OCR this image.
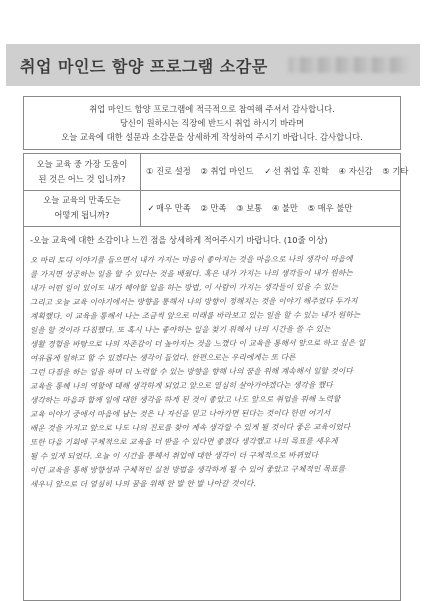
취업 마인드 함양 프로그램 소감문
취업 마인드 함양 프로그램에 적극적으로 참여해 주셔서 감사합니다.
당신이 원하시는 직장에 반드시 취업 하시기 바라며
오늘 교육에 대한 설문과 소감문을 상세하게 작성하여 주시기 바랍니다. 감사합니다.
오늘 교육 중 가장 도움이
된 것은 어느 것 입니까?
① 진로 설정 ② 취업 마인드 ✓ 선 취업 후 진학 ④ 자신감 ⑤ 기타
오늘 교육의 만족도는
어떻게 됩니까?
✓ 매우 만족 ② 만족 ③ 보통 ④ 불만 ⑤ 매우 불만
-오늘 교육에 대한 소감이나 느낀 점을 상세하게 적어주시기 바랍니다. (10줄 이상)
오 마리 토디 이야기를 들으면서 내가 가지는 마음이 좋아지는 것을 마음으로 나의 생각이 마음에
를 가지면 성공하는 일을 할 수 있다는 것을 배웠다. 혹은 내가 가지는 나의 생각들이 내가 원하는
내가 어떤 일이 있어도 내가 해야할 일을 하는 방법, 이 사람이 가지는 생각들이 있을 수 있는
그리고 오늘 교육 이야기에서는 방향을 통해서 나의 방향이 정해지는 것을 이야기 해주었다 두가지
계획했다. 이 교육을 통해서 나는 조금씩 앞으로 미래를 바라보고 있는 일을 할 수 있는 내가 원하는
일을 할 것이라 다짐했다. 또 혹시 나는 좋아하는 일을 찾기 위해서 나의 시간을 쓸 수 있는
생활 경험을 바탕으로 나의 자존감이 더 높아지는 것을 느꼈다 이 교육을 통해서 앞으로 하고 싶은 일
여유롭게 일하고 할 수 있겠다는 생각이 들었다. 한편으로는 우리에게는 또 다른
그런 다짐을 하는 일을 하며 더 노력할 수 있는 방향을 향해 나의 꿈을 위해 계속해서 일할 것이다
교육을 통해 나의 역할에 대해 생각하게 되었고 앞으로 열심히 살아가야겠다는 생각을 했다
생각하는 마음과 함께 일에 대한 생각을 하게 된 것이 좋았고 나도 앞으로 취업을 위해 노력할
교육 이야기 중에서 마음에 남는 것은 나 자신을 믿고 나아가면 된다는 것이다 한편 여기서
배운 것을 가지고 앞으로 나도 나의 진로를 찾아 계속 생각할 수 있게 될 것이다 좋은 교육이었다
또한 다음 기회에 구체적으로 교육을 더 받을 수 있다면 좋겠다 생각했고 나의 목표를 세우게
될 수 있게 되었다. 오늘 이 시간을 통해서 취업에 대한 생각이 더 구체적으로 바뀌었다
이런 교육을 통해 방향성과 구체적인 실천 방법을 생각하게 될 수 있어 좋았고 구체적인 목표를
세우니 앞으로 더 열심히 나의 꿈을 위해 한 발 한 발 나아갈 것이다.
